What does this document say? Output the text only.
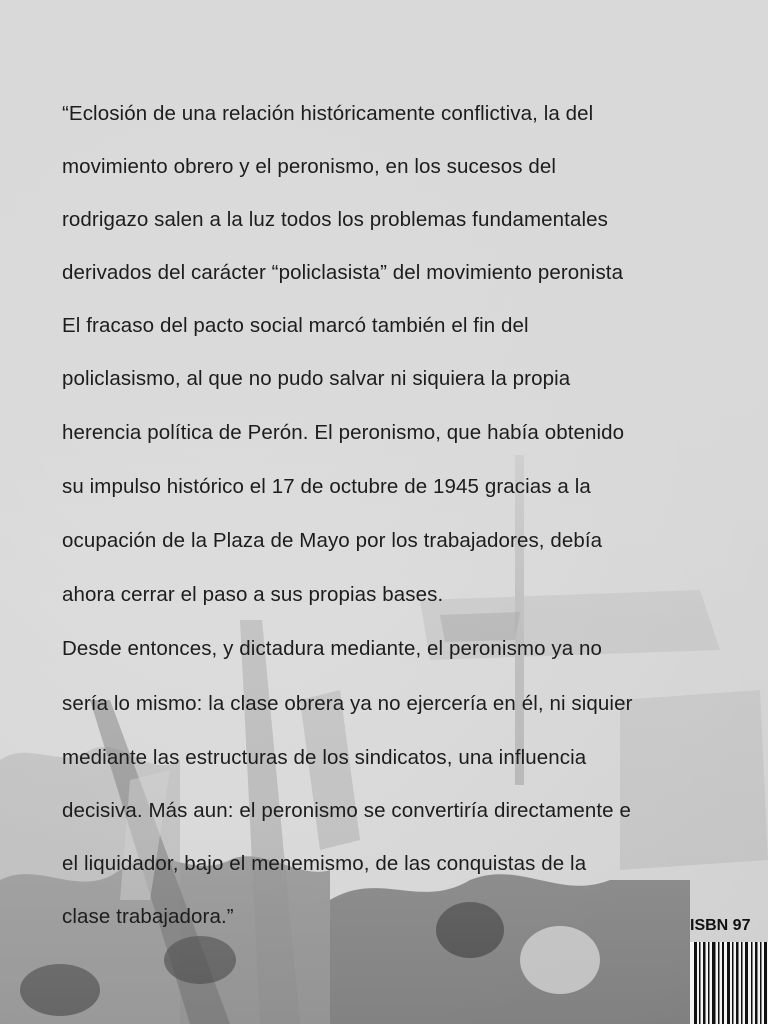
“Eclosión de una relación históricamente conflictiva, la del
movimiento obrero y el peronismo, en los sucesos del
rodrigazo salen a la luz todos los problemas fundamentales
derivados del carácter “policlasista” del movimiento peronista
El fracaso del pacto social marcó también el fin del
policlasismo, al que no pudo salvar ni siquiera la propia
herencia política de Perón. El peronismo, que había obtenido
su impulso histórico el 17 de octubre de 1945 gracias a la
ocupación de la Plaza de Mayo por los trabajadores, debía
ahora cerrar el paso a sus propias bases.
Desde entonces, y dictadura mediante, el peronismo ya no
sería lo mismo: la clase obrera ya no ejercería en él, ni siquier
mediante las estructuras de los sindicatos, una influencia
decisiva. Más aun: el peronismo se convertiría directamente e
el liquidador, bajo el menemismo, de las conquistas de la
clase trabajadora.”	ISBN 97
